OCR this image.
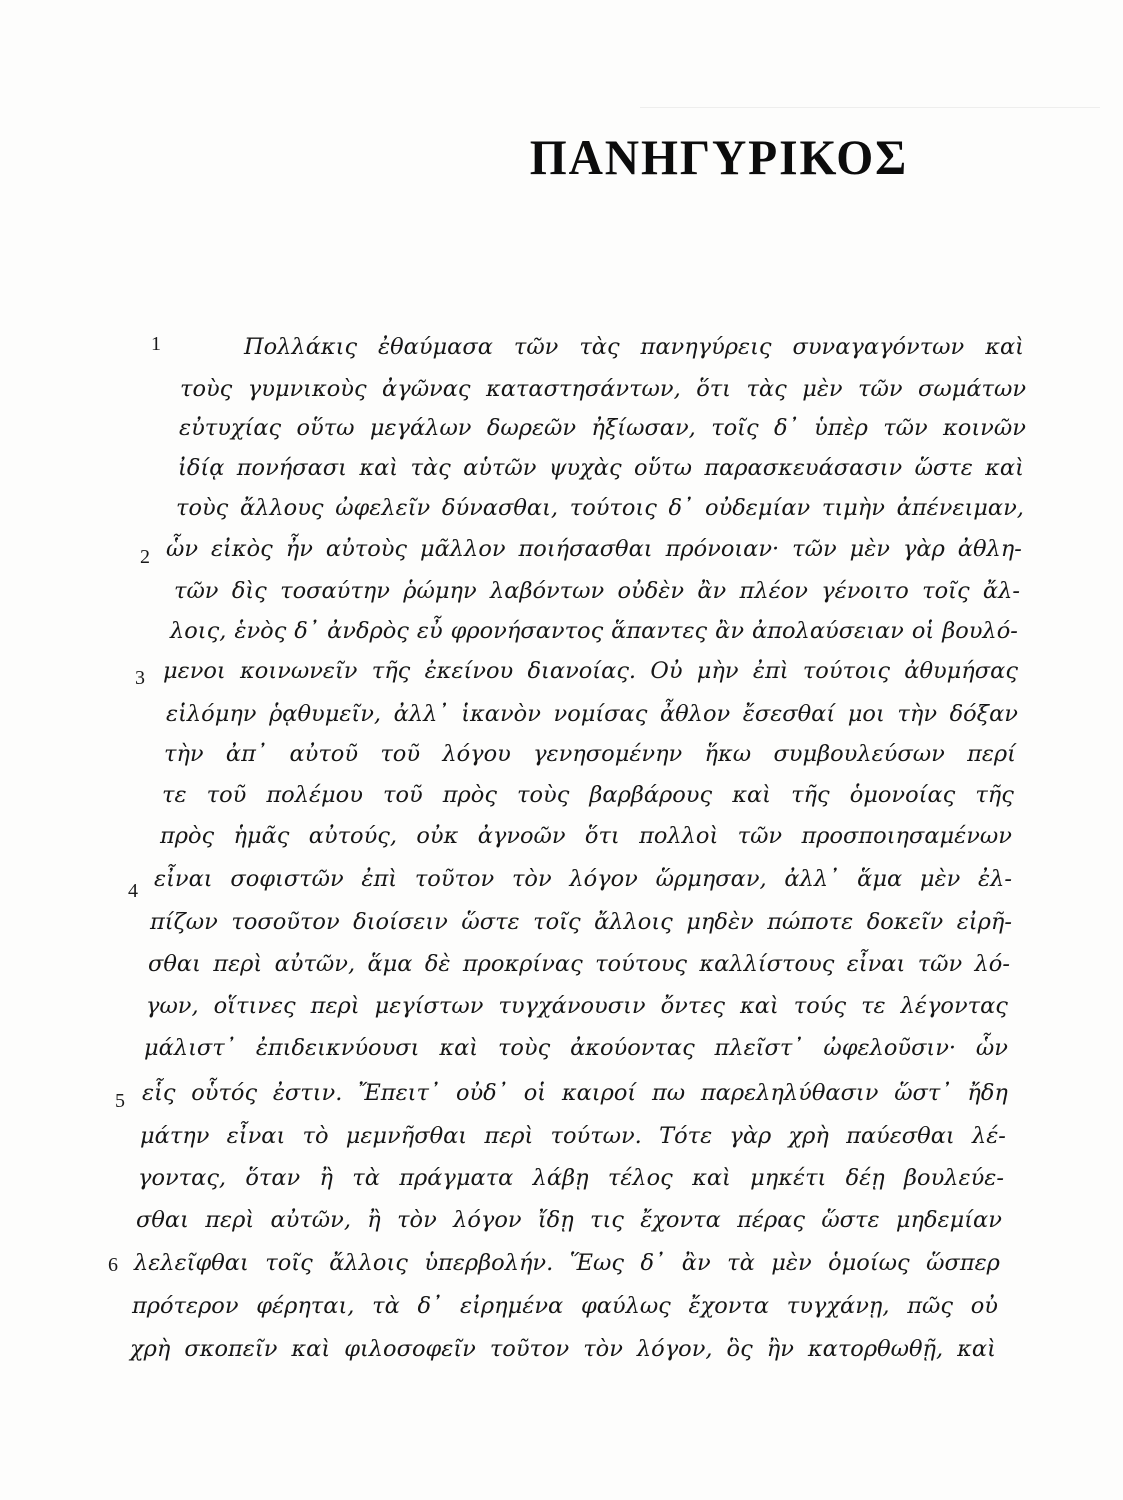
ΠΑΝΗΓΥΡΙΚΟΣ
1
2
3
4
5
6
Πολλάκις ἐθαύμασα τῶν τὰς πανηγύρεις συναγαγόντων καὶ
τοὺς γυμνικοὺς ἀγῶνας καταστησάντων, ὅτι τὰς μὲν τῶν σωμάτων
εὐτυχίας οὕτω μεγάλων δωρεῶν ἠξίωσαν, τοῖς δ᾽ ὑπὲρ τῶν κοινῶν
ἰδίᾳ πονήσασι καὶ τὰς αὑτῶν ψυχὰς οὕτω παρασκευάσασιν ὥστε καὶ
τοὺς ἄλλους ὠφελεῖν δύνασθαι, τούτοις δ᾽ οὐδεμίαν τιμὴν ἀπένειμαν,
ὧν εἰκὸς ἦν αὐτοὺς μᾶλλον ποιήσασθαι πρόνοιαν· τῶν μὲν γὰρ ἀθλη-
τῶν δὶς τοσαύτην ῥώμην λαβόντων οὐδὲν ἂν πλέον γένοιτο τοῖς ἄλ-
λοις, ἑνὸς δ᾽ ἀνδρὸς εὖ φρονήσαντος ἅπαντες ἂν ἀπολαύσειαν οἱ βουλό-
μενοι κοινωνεῖν τῆς ἐκείνου διανοίας. Οὐ μὴν ἐπὶ τούτοις ἀθυμήσας
εἱλόμην ῥᾳθυμεῖν, ἀλλ᾽ ἱκανὸν νομίσας ἆθλον ἔσεσθαί μοι τὴν δόξαν
τὴν ἀπ᾽ αὐτοῦ τοῦ λόγου γενησομένην ἥκω συμβουλεύσων περί
τε τοῦ πολέμου τοῦ πρὸς τοὺς βαρβάρους καὶ τῆς ὁμονοίας τῆς
πρὸς ἡμᾶς αὐτούς, οὐκ ἀγνοῶν ὅτι πολλοὶ τῶν προσποιησαμένων
εἶναι σοφιστῶν ἐπὶ τοῦτον τὸν λόγον ὥρμησαν, ἀλλ᾽ ἅμα μὲν ἐλ-
πίζων τοσοῦτον διοίσειν ὥστε τοῖς ἄλλοις μηδὲν πώποτε δοκεῖν εἰρῆ-
σθαι περὶ αὐτῶν, ἅμα δὲ προκρίνας τούτους καλλίστους εἶναι τῶν λό-
γων, οἵτινες περὶ μεγίστων τυγχάνουσιν ὄντες καὶ τούς τε λέγοντας
μάλιστ᾽ ἐπιδεικνύουσι καὶ τοὺς ἀκούοντας πλεῖστ᾽ ὠφελοῦσιν· ὧν
εἷς οὗτός ἐστιν. Ἔπειτ᾽ οὐδ᾽ οἱ καιροί πω παρεληλύθασιν ὥστ᾽ ἤδη
μάτην εἶναι τὸ μεμνῆσθαι περὶ τούτων. Τότε γὰρ χρὴ παύεσθαι λέ-
γοντας, ὅταν ἢ τὰ πράγματα λάβῃ τέλος καὶ μηκέτι δέῃ βουλεύε-
σθαι περὶ αὐτῶν, ἢ τὸν λόγον ἴδῃ τις ἔχοντα πέρας ὥστε μηδεμίαν
λελεῖφθαι τοῖς ἄλλοις ὑπερβολήν. Ἕως δ᾽ ἂν τὰ μὲν ὁμοίως ὥσπερ
πρότερον φέρηται, τὰ δ᾽ εἰρημένα φαύλως ἔχοντα τυγχάνῃ, πῶς οὐ
χρὴ σκοπεῖν καὶ φιλοσοφεῖν τοῦτον τὸν λόγον, ὃς ἢν κατορθωθῇ, καὶ
